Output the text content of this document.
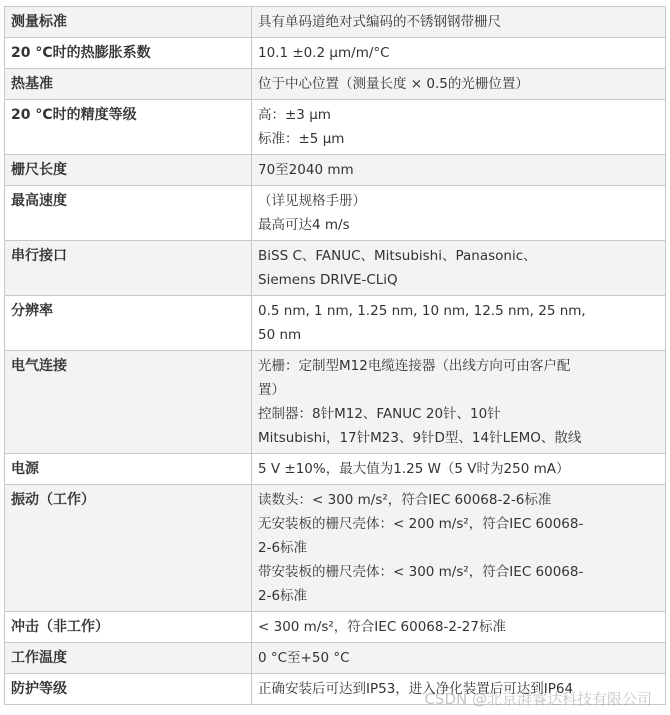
测量标准	具有单码道绝对式编码的不锈钢钢带栅尺

20 °C时的热膨胀系数	10.1 ±0.2 µm/m/°C

热基准	位于中心位置（测量长度 × 0.5的光栅位置）

20 °C时的精度等级	高：±3 µm
标准：±5 µm

栅尺长度	70至2040 mm

最高速度	（详见规格手册）
最高可达4 m/s

串行接口	BiSS C、FANUC、Mitsubishi、Panasonic、
Siemens DRIVE-CLiQ

分辨率	0.5 nm, 1 nm, 1.25 nm, 10 nm, 12.5 nm, 25 nm,
50 nm

电气连接	光栅：定制型M12电缆连接器（出线方向可由客户配
置）
控制器：8针M12、FANUC 20针、10针
Mitsubishi，17针M23、9针D型、14针LEMO、散线

电源	5 V ±10%，最大值为1.25 W（5 V时为250 mA）

振动（工作）	读数头：< 300 m/s²，符合IEC 60068-2-6标准
无安装板的栅尺壳体：< 200 m/s²，符合IEC 60068-
2-6标准
带安装板的栅尺壳体：< 300 m/s²，符合IEC 60068-
2-6标准

冲击（非工作）	< 300 m/s²，符合IEC 60068-2-27标准

工作温度	0 °C至+50 °C

防护等级	正确安装后可达到IP53，进入净化装置后可达到IP64
CSDN @北京湃睿达科技有限公司
